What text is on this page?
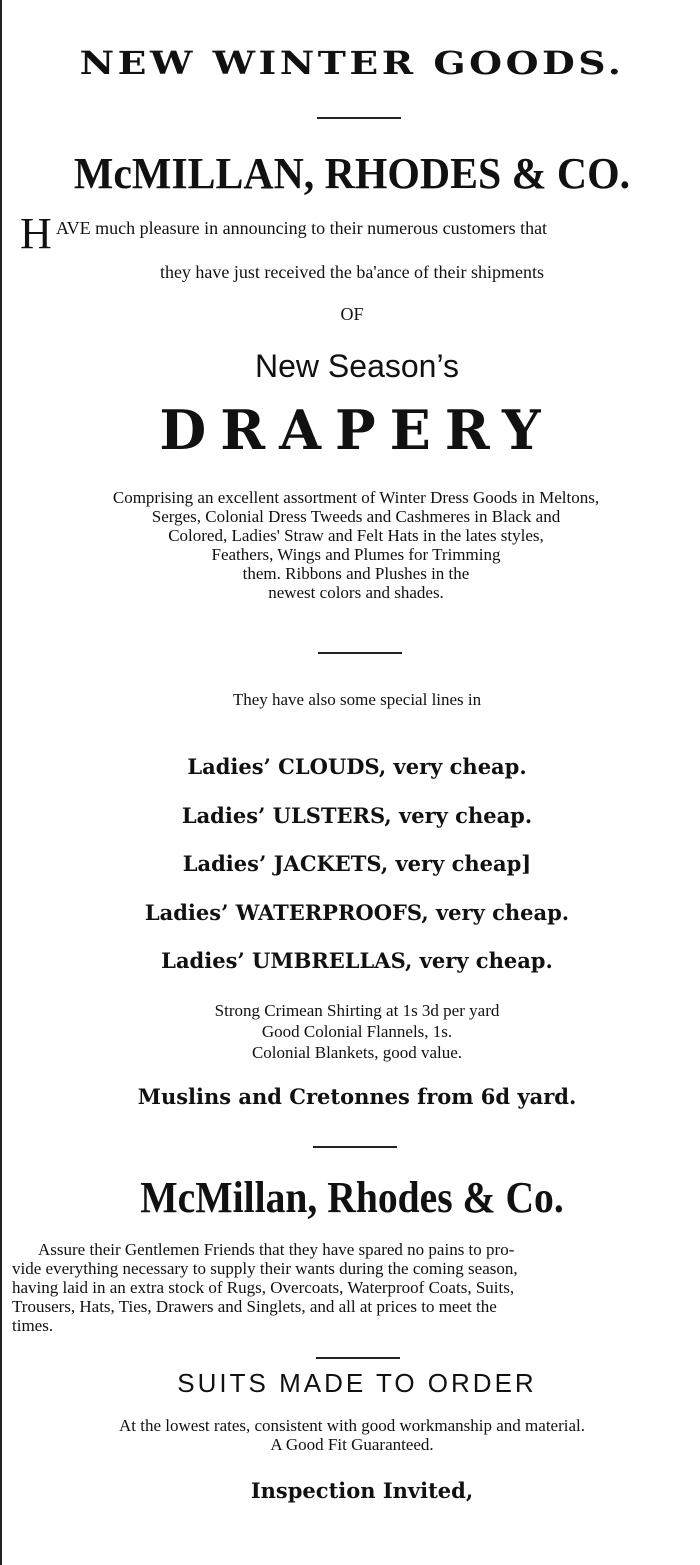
NEW WINTER GOODS.
McMILLAN, RHODES & CO.
H AVE much pleasure in announcing to their numerous customers that
they have just received the ba'ance of their shipments
OF
New Season’s
DRAPERY
Comprising an excellent assortment of Winter Dress Goods in Meltons,
Serges, Colonial Dress Tweeds and Cashmeres in Black and
Colored, Ladies' Straw and Felt Hats in the lates styles,
Feathers, Wings and Plumes for Trimming
them. Ribbons and Plushes in the
newest colors and shades.
They have also some special lines in
Ladies’ CLOUDS, very cheap.
Ladies’ ULSTERS, very cheap.
Ladies’ JACKETS, very cheap]
Ladies’ WATERPROOFS, very cheap.
Ladies’ UMBRELLAS, very cheap.
Strong Crimean Shirting at 1s 3d per yard
Good Colonial Flannels, 1s.
Colonial Blankets, good value.
Muslins and Cretonnes from 6d yard.
McMillan, Rhodes & Co.
Assure their Gentlemen Friends that they have spared no pains to pro-
vide everything necessary to supply their wants during the coming season,
having laid in an extra stock of Rugs, Overcoats, Waterproof Coats, Suits,
Trousers, Hats, Ties, Drawers and Singlets, and all at prices to meet the
times.
SUITS MADE TO ORDER
At the lowest rates, consistent with good workmanship and material.
A Good Fit Guaranteed.
Inspection Invited,
